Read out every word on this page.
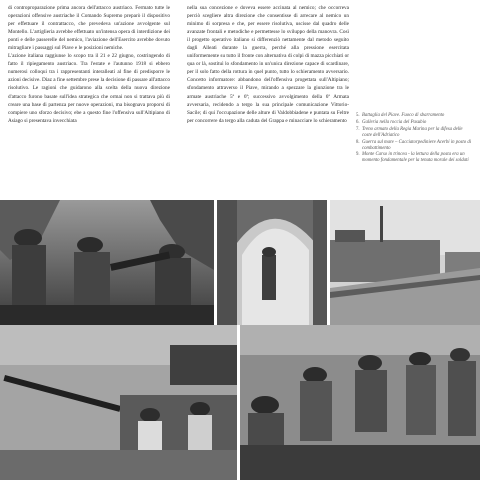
di controproparazione prima ancora dell'attacco austriaco. Fermato tutte le operazioni offensive austriache il Comando Supremo preparò il dispositivo per effettuare il contrattacco, che prevedeva un'azione avvolgente sul Montello. L'artiglieria avrebbe effettuato un'intensa opera di interdizione dei ponti e delle passerelle del nemico, l'aviazione dell'Esercito avrebbe dovuto mitragliare i passaggi sul Piave e le posizioni nemiche.

L'azione italiana raggiunse lo scopo tra il 21 e 22 giugno, costringendo di fatto il ripiegamento austriaco. Tra l'estate e l'autunno 1918 si ebbero numerosi colloqui tra i rappresentanti interalleati al fine di predisporre le azioni decisive. Diaz a fine settembre prese la decisione di passare all'attacco risolutivo. Le ragioni che guidarono alla scelta della nuova direzione d'attacco furono basate sull'idea strategica che ormai non si trattava più di creare una base di partenza per nuove operazioni, ma bisognava proporsi di compiere uno sforzo decisivo; ebe a questo fine l'offensiva sull'Altipiano di Asiago si presentava invecchiata

nella sua concezione e doveva essere accinata al nemico; che occorreva perciò scegliere altra direzione che consentisse di arrecare al nemico un minimo di sorpresa e che, per essere risolutiva, uscisse dal quadro delle avanzate frontali e metodiche e permettesse lo sviluppo della manovra. Così il progetto operativo italiano si differenziò nettamente dal metodo seguito dagli Alleati durante la guerra, perché alla pressione esercitata uniformemente su tutto il fronte con alternativa di colpi di mazza picchiati or qua or là, sostituì lo sfondamento in un'unica direzione capace di scardinare, per il solo fatto della rottura in quel punto, tutto lo schieramento avversario. Concetto informatore: abbandono dell'offensiva progettata sull'Altipiano; sfondamento attraverso il Piave, mirando a spezzare la giunzione tra le armate austriache 5ª e 6ª; successivo avvolgimento della 6ª Armata avversaria, recidendo a tergo la sua principale comunicazione Vittorio-Sacile; di qui l'occupazione delle alture di Valdobbiadene e puntata su Feltre per concorrere da tergo alla caduta del Grappa e minacciare lo schieramento

5. Battaglia del Piave. Fuoco di sbarramento
6. Galleria nella roccia del Pasubio
7. Treno armato della Regia Marina per la difesa delle coste dell'Adriatico
8. Guerra sul mare – Cacciatorpediniere Acerbi in posto di combattimento
9. Monte Carso in trincea - la lettura della posta era un momento fondamentale per la tenuta morale dei soldati
